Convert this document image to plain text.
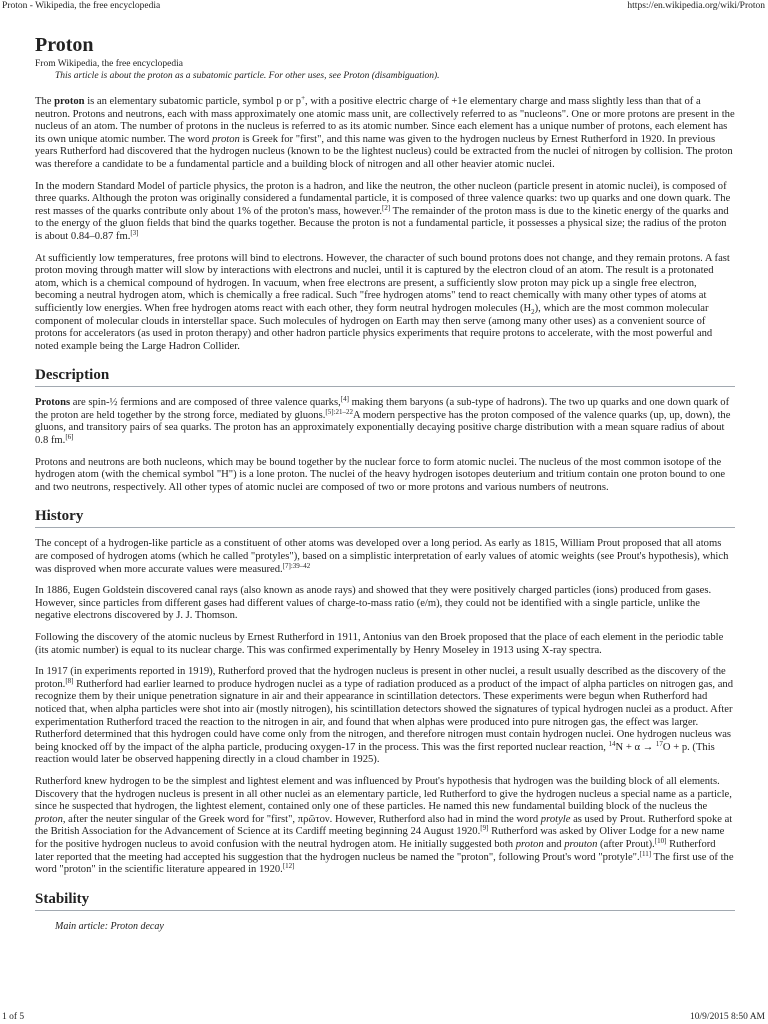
Proton - Wikipedia, the free encyclopedia	https://en.wikipedia.org/wiki/Proton
Proton
From Wikipedia, the free encyclopedia
This article is about the proton as a subatomic particle. For other uses, see Proton (disambiguation).

The proton is an elementary subatomic particle, symbol p or p+, with a positive electric charge of +1e elementary charge and mass slightly less than that of a neutron. Protons and neutrons, each with mass approximately one atomic mass unit, are collectively referred to as "nucleons". One or more protons are present in the nucleus of an atom. The number of protons in the nucleus is referred to as its atomic number. Since each element has a unique number of protons, each element has its own unique atomic number. The word proton is Greek for "first", and this name was given to the hydrogen nucleus by Ernest Rutherford in 1920. In previous years Rutherford had discovered that the hydrogen nucleus (known to be the lightest nucleus) could be extracted from the nuclei of nitrogen by collision. The proton was therefore a candidate to be a fundamental particle and a building block of nitrogen and all other heavier atomic nuclei.

In the modern Standard Model of particle physics, the proton is a hadron, and like the neutron, the other nucleon (particle present in atomic nuclei), is composed of three quarks. Although the proton was originally considered a fundamental particle, it is composed of three valence quarks: two up quarks and one down quark. The rest masses of the quarks contribute only about 1% of the proton's mass, however.[2] The remainder of the proton mass is due to the kinetic energy of the quarks and to the energy of the gluon fields that bind the quarks together. Because the proton is not a fundamental particle, it possesses a physical size; the radius of the proton is about 0.84–0.87 fm.[3]

At sufficiently low temperatures, free protons will bind to electrons. However, the character of such bound protons does not change, and they remain protons. A fast proton moving through matter will slow by interactions with electrons and nuclei, until it is captured by the electron cloud of an atom. The result is a protonated atom, which is a chemical compound of hydrogen. In vacuum, when free electrons are present, a sufficiently slow proton may pick up a single free electron, becoming a neutral hydrogen atom, which is chemically a free radical. Such "free hydrogen atoms" tend to react chemically with many other types of atoms at sufficiently low energies. When free hydrogen atoms react with each other, they form neutral hydrogen molecules $(H_2)$, which are the most common molecular component of molecular clouds in interstellar space. Such molecules of hydrogen on Earth may then serve (among many other uses) as a convenient source of protons for accelerators (as used in proton therapy) and other hadron particle physics experiments that require protons to accelerate, with the most powerful and noted example being the Large Hadron Collider.

Description

Protons are spin-½ fermions and are composed of three valence quarks,[4] making them baryons (a sub-type of hadrons). The two up quarks and one down quark of the proton are held together by the strong force, mediated by gluons.$^{[5]:21-22}$A modern perspective has the proton composed of the valence quarks (up, up, down), the gluons, and transitory pairs of sea quarks. The proton has an approximately exponentially decaying positive charge distribution with a mean square radius of about 0.8 fm.[6]

Protons and neutrons are both nucleons, which may be bound together by the nuclear force to form atomic nuclei. The nucleus of the most common isotope of the hydrogen atom (with the chemical symbol "H") is a lone proton. The nuclei of the heavy hydrogen isotopes deuterium and tritium contain one proton bound to one and two neutrons, respectively. All other types of atomic nuclei are composed of two or more protons and various numbers of neutrons.

History

The concept of a hydrogen-like particle as a constituent of other atoms was developed over a long period. As early as 1815, William Prout proposed that all atoms are composed of hydrogen atoms (which he called "protyles"), based on a simplistic interpretation of early values of atomic weights (see Prout's hypothesis), which was disproved when more accurate values were measured.$^{[7]:39-42}$

In 1886, Eugen Goldstein discovered canal rays (also known as anode rays) and showed that they were positively charged particles (ions) produced from gases. However, since particles from different gases had different values of charge-to-mass ratio (e/m), they could not be identified with a single particle, unlike the negative electrons discovered by J. J. Thomson.

Following the discovery of the atomic nucleus by Ernest Rutherford in 1911, Antonius van den Broek proposed that the place of each element in the periodic table (its atomic number) is equal to its nuclear charge. This was confirmed experimentally by Henry Moseley in 1913 using X-ray spectra.

In 1917 (in experiments reported in 1919), Rutherford proved that the hydrogen nucleus is present in other nuclei, a result usually described as the discovery of the proton.[8] Rutherford had earlier learned to produce hydrogen nuclei as a type of radiation produced as a product of the impact of alpha particles on nitrogen gas, and recognize them by their unique penetration signature in air and their appearance in scintillation detectors. These experiments were begun when Rutherford had noticed that, when alpha particles were shot into air (mostly nitrogen), his scintillation detectors showed the signatures of typical hydrogen nuclei as a product. After experimentation Rutherford traced the reaction to the nitrogen in air, and found that when alphas were produced into pure nitrogen gas, the effect was larger. Rutherford determined that this hydrogen could have come only from the nitrogen, and therefore nitrogen must contain hydrogen nuclei. One hydrogen nucleus was being knocked off by the impact of the alpha particle, producing oxygen-17 in the process. This was the first reported nuclear reaction, $^{14}$N + α → $^{17}$O + p. (This reaction would later be observed happening directly in a cloud chamber in 1925).

Rutherford knew hydrogen to be the simplest and lightest element and was influenced by Prout's hypothesis that hydrogen was the building block of all elements. Discovery that the hydrogen nucleus is present in all other nuclei as an elementary particle, led Rutherford to give the hydrogen nucleus a special name as a particle, since he suspected that hydrogen, the lightest element, contained only one of these particles. He named this new fundamental building block of the nucleus the proton, after the neuter singular of the Greek word for "first", πρῶτον. However, Rutherford also had in mind the word protyle as used by Prout. Rutherford spoke at the British Association for the Advancement of Science at its Cardiff meeting beginning 24 August 1920.[9] Rutherford was asked by Oliver Lodge for a new name for the positive hydrogen nucleus to avoid confusion with the neutral hydrogen atom. He initially suggested both proton and prouton (after Prout).[10] Rutherford later reported that the meeting had accepted his suggestion that the hydrogen nucleus be named the "proton", following Prout's word "protyle".[11] The first use of the word "proton" in the scientific literature appeared in 1920.[12]

Stability
Main article: Proton decay
1 of 5	10/9/2015 8:50 AM
